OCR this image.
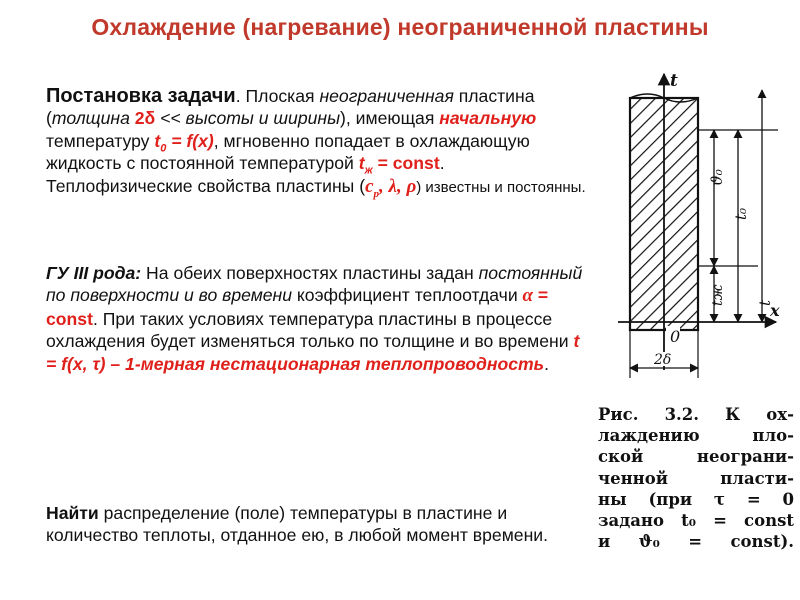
Охлаждение (нагревание) неограниченной пластины

Постановка задачи. Плоская неограниченная пластина (толщина 2δ << высоты и ширины), имеющая начальную температуру $t_0 = f(x)$, мгновенно попадает в охлаждающую жидкость с постоянной температурой $t_ж$ = const. Теплофизические свойства пластины ($c_p$, λ, ρ) известны и постоянны.

ГУ III рода: На обеих поверхностях пластины задан постоянный по поверхности и во времени коэффициент теплоотдачи α = const. При таких условиях температура пластины в процессе охлаждения будет изменяться только по толщине и во времени t = f(x, τ) – 1-мерная нестационарная теплопроводность.

Найти распределение (поле) температуры в пластине и количество теплоты, отданное ею, в любой момент времени.

0
t
x
ϑ₀
t₀
tж t
2δ
Рис. 3.2. К ох-
лаждению пло-
ской неограни-
ченной пласти-
ны (при τ = 0
задано t₀ = const
и ϑ₀ = const).
